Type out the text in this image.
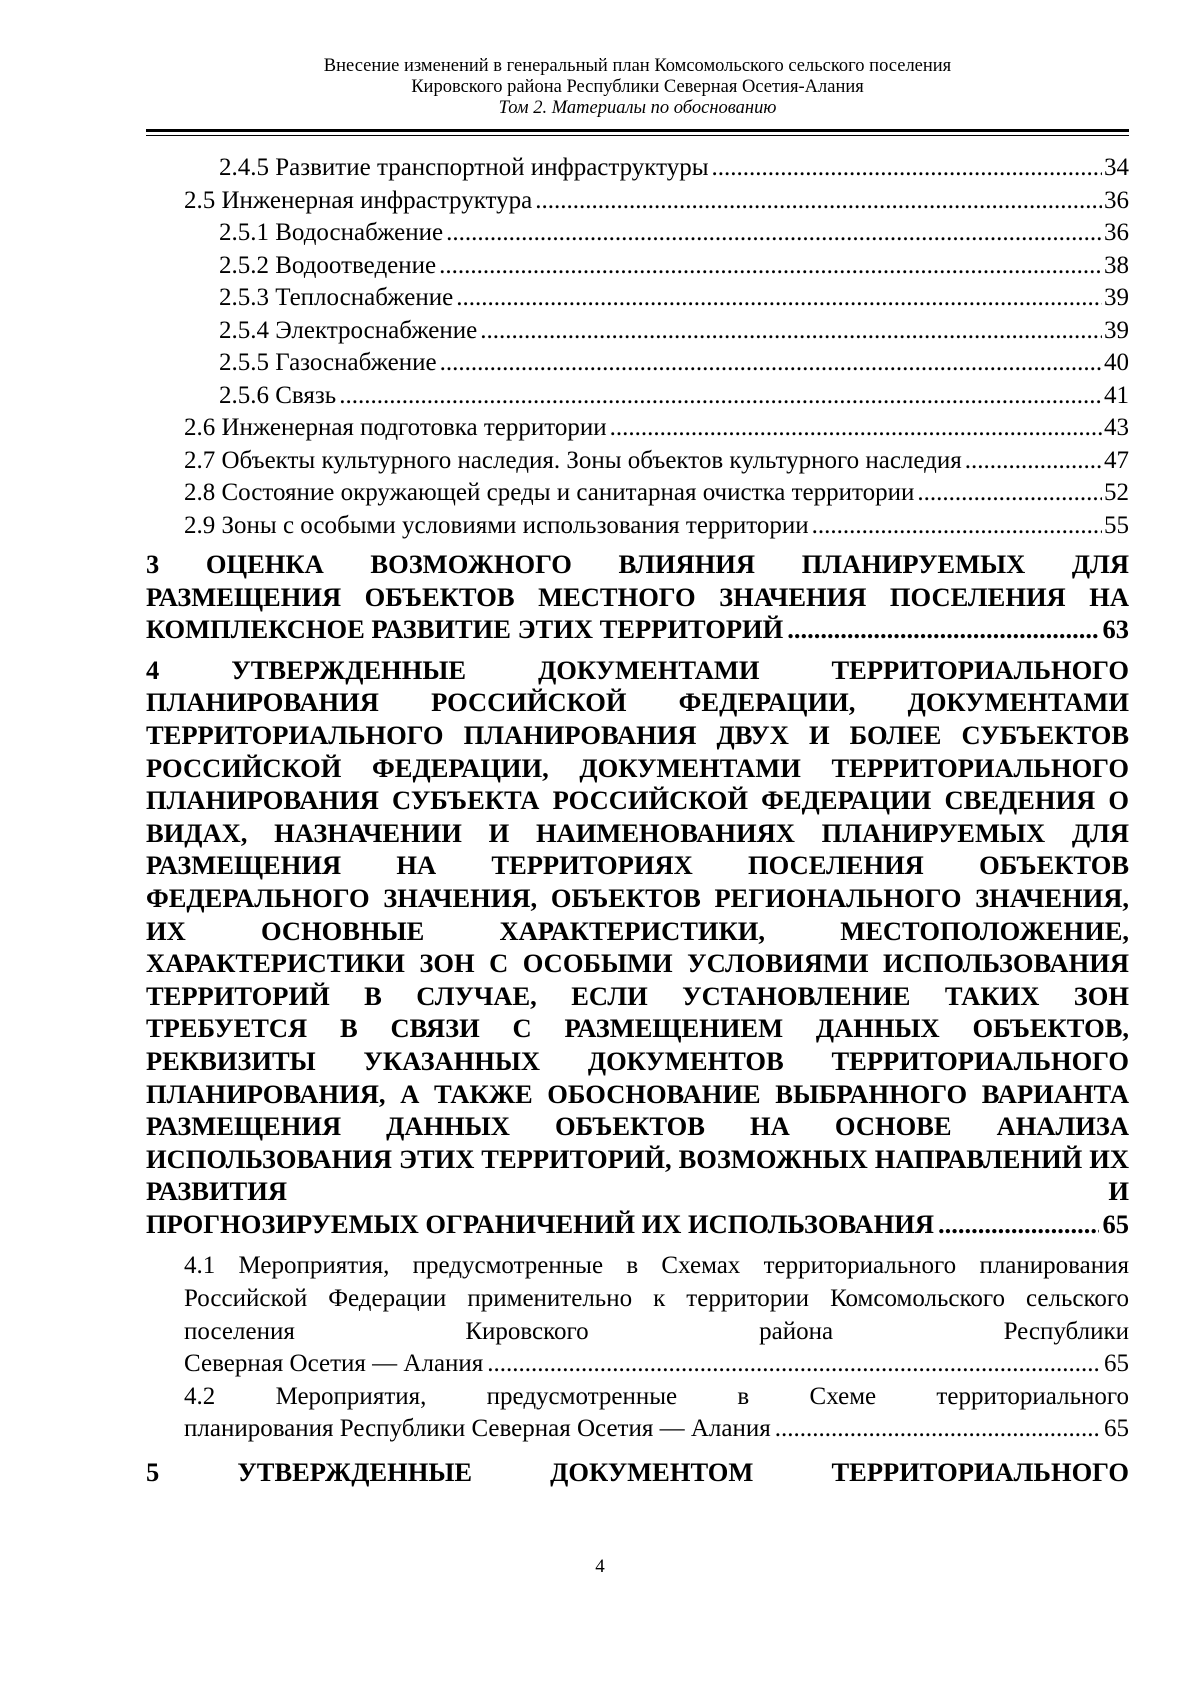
Внесение изменений в генеральный план Комсомольского сельского поселения
Кировского района Республики Северная Осетия-Алания
Том 2. Материалы по обоснованию
2.4.5 Развитие транспортной инфраструктуры .....	34
2.5 Инженерная инфраструктура .....	36
2.5.1 Водоснабжение .....	36
2.5.2 Водоотведение .....	38
2.5.3 Теплоснабжение .....	39
2.5.4 Электроснабжение .....	39
2.5.5 Газоснабжение .....	40
2.5.6 Связь .....	41
2.6 Инженерная подготовка территории .....	43
2.7 Объекты культурного наследия. Зоны объектов культурного наследия .....	47
2.8 Состояние окружающей среды и санитарная очистка территории .....	52
2.9 Зоны с особыми условиями использования территории .....	55
3 ОЦЕНКА ВОЗМОЖНОГО ВЛИЯНИЯ ПЛАНИРУЕМЫХ ДЛЯ РАЗМЕЩЕНИЯ ОБЪЕКТОВ МЕСТНОГО ЗНАЧЕНИЯ ПОСЕЛЕНИЯ НА
КОМПЛЕКСНОЕ РАЗВИТИЕ ЭТИХ ТЕРРИТОРИЙ .....	63
4 УТВЕРЖДЕННЫЕ ДОКУМЕНТАМИ ТЕРРИТОРИАЛЬНОГО ПЛАНИРОВАНИЯ РОССИЙСКОЙ ФЕДЕРАЦИИ, ДОКУМЕНТАМИ ТЕРРИТОРИАЛЬНОГО ПЛАНИРОВАНИЯ ДВУХ И БОЛЕЕ СУБЪЕКТОВ РОССИЙСКОЙ ФЕДЕРАЦИИ, ДОКУМЕНТАМИ ТЕРРИТОРИАЛЬНОГО ПЛАНИРОВАНИЯ СУБЪЕКТА РОССИЙСКОЙ ФЕДЕРАЦИИ СВЕДЕНИЯ О ВИДАХ, НАЗНАЧЕНИИ И НАИМЕНОВАНИЯХ ПЛАНИРУЕМЫХ ДЛЯ РАЗМЕЩЕНИЯ НА ТЕРРИТОРИЯХ ПОСЕЛЕНИЯ ОБЪЕКТОВ ФЕДЕРАЛЬНОГО ЗНАЧЕНИЯ, ОБЪЕКТОВ РЕГИОНАЛЬНОГО ЗНАЧЕНИЯ, ИХ ОСНОВНЫЕ ХАРАКТЕРИСТИКИ, МЕСТОПОЛОЖЕНИЕ, ХАРАКТЕРИСТИКИ ЗОН С ОСОБЫМИ УСЛОВИЯМИ ИСПОЛЬЗОВАНИЯ ТЕРРИТОРИЙ В СЛУЧАЕ, ЕСЛИ УСТАНОВЛЕНИЕ ТАКИХ ЗОН ТРЕБУЕТСЯ В СВЯЗИ С РАЗМЕЩЕНИЕМ ДАННЫХ ОБЪЕКТОВ, РЕКВИЗИТЫ УКАЗАННЫХ ДОКУМЕНТОВ ТЕРРИТОРИАЛЬНОГО ПЛАНИРОВАНИЯ, А ТАКЖЕ ОБОСНОВАНИЕ ВЫБРАННОГО ВАРИАНТА РАЗМЕЩЕНИЯ ДАННЫХ ОБЪЕКТОВ НА ОСНОВЕ АНАЛИЗА ИСПОЛЬЗОВАНИЯ ЭТИХ ТЕРРИТОРИЙ, ВОЗМОЖНЫХ НАПРАВЛЕНИЙ ИХ РАЗВИТИЯ И
ПРОГНОЗИРУЕМЫХ ОГРАНИЧЕНИЙ ИХ ИСПОЛЬЗОВАНИЯ .....	65
4.1 Мероприятия, предусмотренные в Схемах территориального планирования Российской Федерации применительно к территории Комсомольского сельского поселения Кировского района Республики
Северная Осетия — Алания .....	65
4.2 Мероприятия, предусмотренные в Схеме территориального
планирования Республики Северная Осетия — Алания .....	65
5 УТВЕРЖДЕННЫЕ ДОКУМЕНТОМ ТЕРРИТОРИАЛЬНОГО
4
